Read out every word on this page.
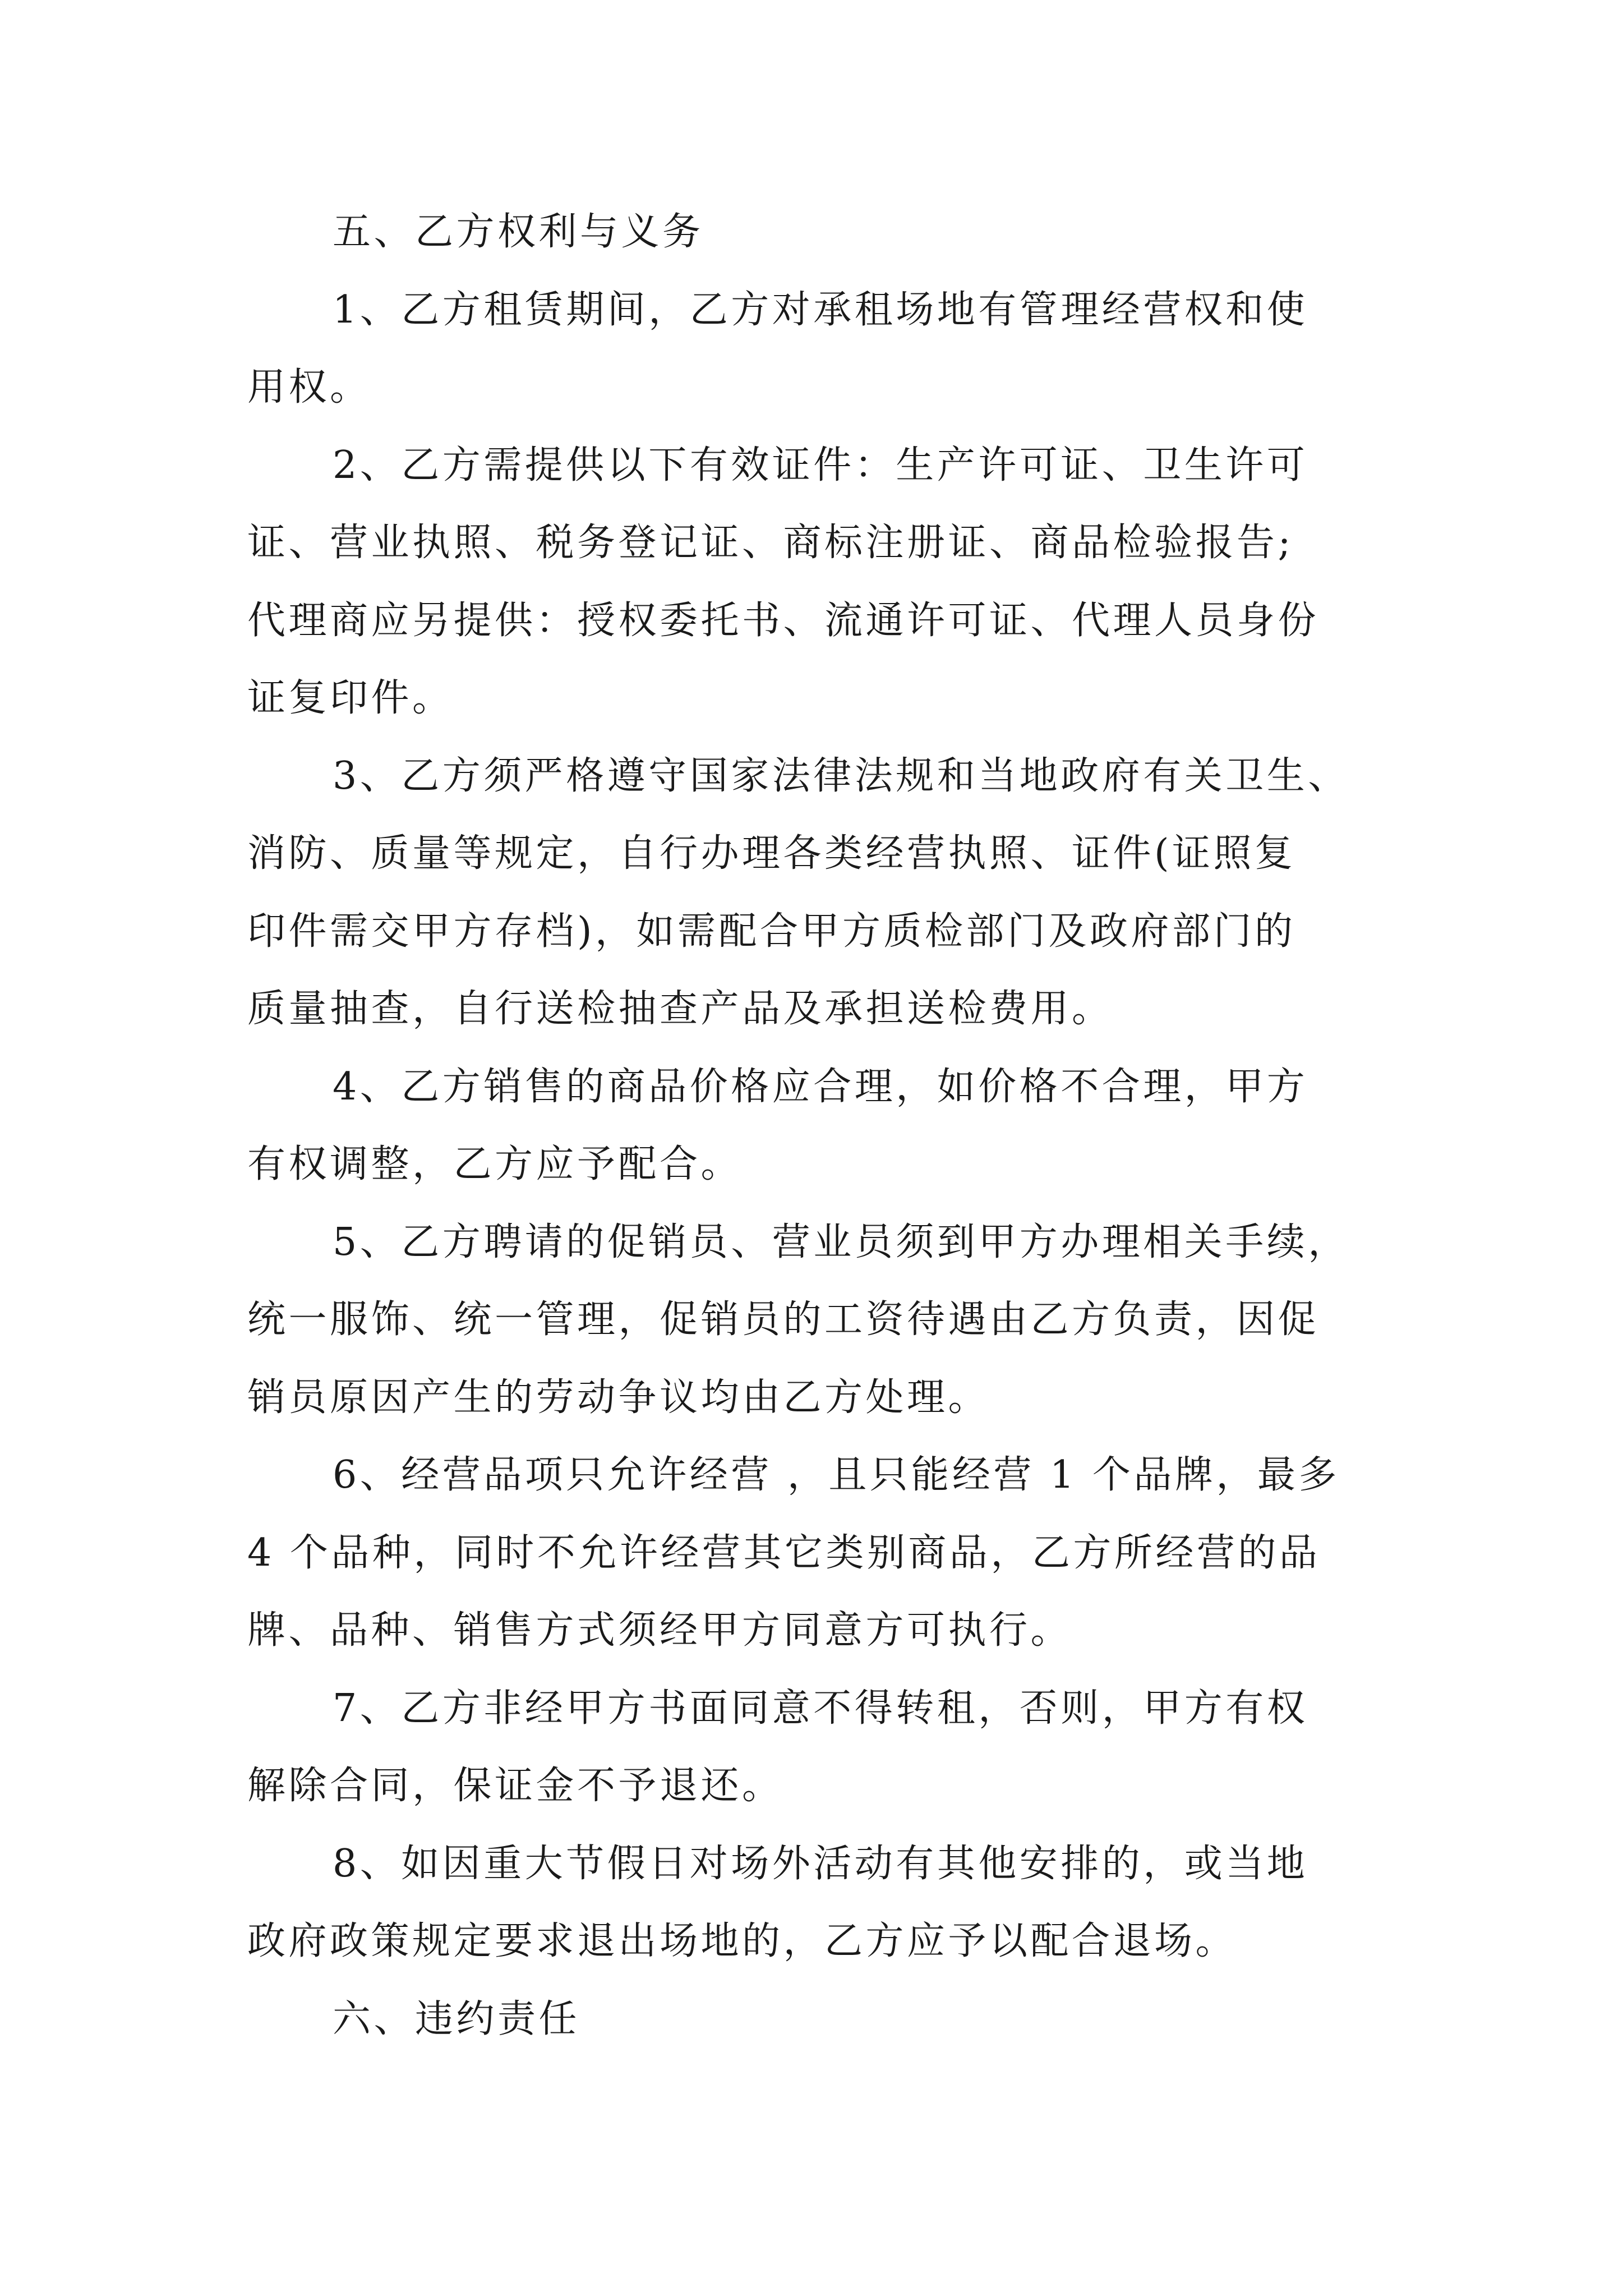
五、乙方权利与义务
1、乙方租赁期间，乙方对承租场地有管理经营权和使
用权。
2、乙方需提供以下有效证件：生产许可证、卫生许可
证、营业执照、税务登记证、商标注册证、商品检验报告;
代理商应另提供：授权委托书、流通许可证、代理人员身份
证复印件。
3、乙方须严格遵守国家法律法规和当地政府有关卫生、
消防、质量等规定，自行办理各类经营执照、证件(证照复
印件需交甲方存档)，如需配合甲方质检部门及政府部门的
质量抽查，自行送检抽查产品及承担送检费用。
4、乙方销售的商品价格应合理，如价格不合理，甲方
有权调整，乙方应予配合。
5、乙方聘请的促销员、营业员须到甲方办理相关手续，
统一服饰、统一管理，促销员的工资待遇由乙方负责，因促
销员原因产生的劳动争议均由乙方处理。
6、经营品项只允许经营 ，且只能经营 1 个品牌，最多
4 个品种，同时不允许经营其它类别商品，乙方所经营的品
牌、品种、销售方式须经甲方同意方可执行。
7、乙方非经甲方书面同意不得转租，否则，甲方有权
解除合同，保证金不予退还。
8、如因重大节假日对场外活动有其他安排的，或当地
政府政策规定要求退出场地的，乙方应予以配合退场。
六、违约责任
